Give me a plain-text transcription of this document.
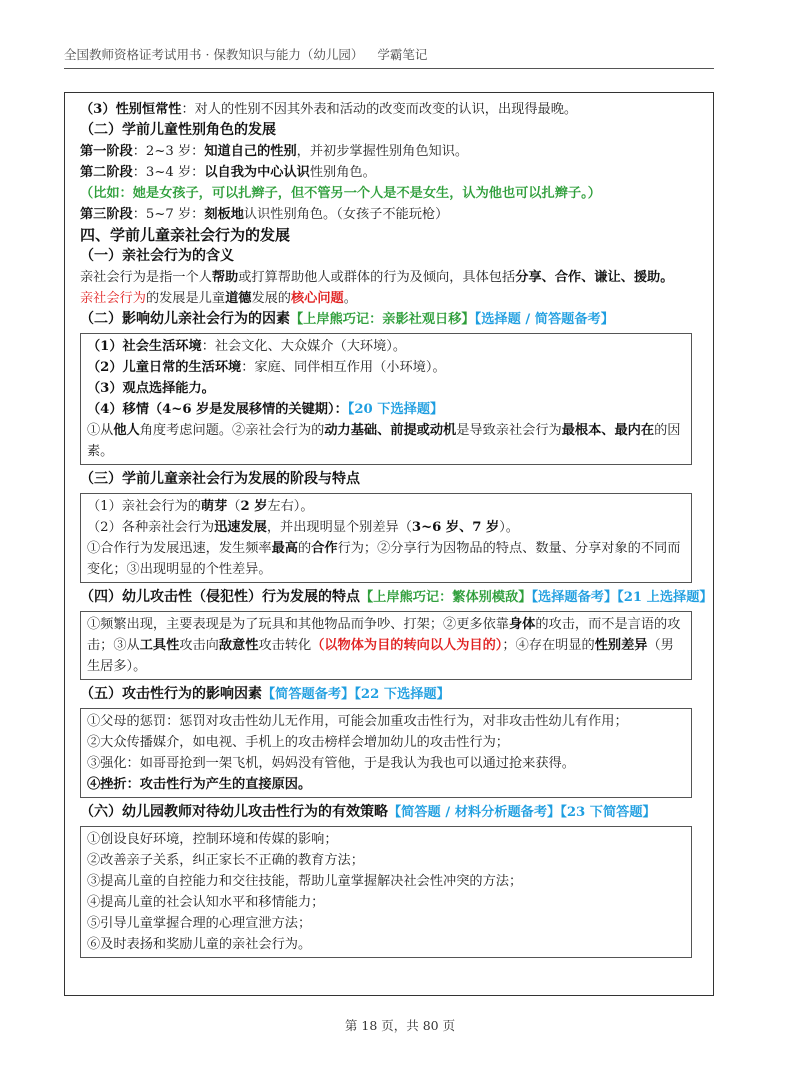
全国教师资格证考试用书 · 保教知识与能力（幼儿园） 学霸笔记

（3）性别恒常性：对人的性别不因其外表和活动的改变而改变的认识，出现得最晚。

（二）学前儿童性别角色的发展

第一阶段：2~3 岁：知道自己的性别，并初步掌握性别角色知识。

第二阶段：3~4 岁：以自我为中心认识性别角色。

（比如：她是女孩子，可以扎辫子，但不管另一个人是不是女生，认为他也可以扎辫子。）

第三阶段：5~7 岁：刻板地认识性别角色。（女孩子不能玩枪）

四、学前儿童亲社会行为的发展

（一）亲社会行为的含义

亲社会行为是指一个人帮助或打算帮助他人或群体的行为及倾向，具体包括分享、合作、谦让、援助。

亲社会行为的发展是儿童道德发展的核心问题。

（二）影响幼儿亲社会行为的因素【上岸熊巧记：亲影社观日移】【选择题 / 简答题备考】

（1）社会生活环境：社会文化、大众媒介（大环境）。

（2）儿童日常的生活环境：家庭、同伴相互作用（小环境）。

（3）观点选择能力。

（4）移情（4~6 岁是发展移情的关键期）：【20 下选择题】

①从他人角度考虑问题。②亲社会行为的动力基础、前提或动机是导致亲社会行为最根本、最内在的因素。

（三）学前儿童亲社会行为发展的阶段与特点

（1）亲社会行为的萌芽（2 岁左右）。

（2）各种亲社会行为迅速发展，并出现明显个别差异（3~6 岁、7 岁）。

①合作行为发展迅速，发生频率最高的合作行为；②分享行为因物品的特点、数量、分享对象的不同而变化；③出现明显的个性差异。

（四）幼儿攻击性（侵犯性）行为发展的特点【上岸熊巧记：繁体别模敌】【选择题备考】【21 上选择题】

①频繁出现，主要表现是为了玩具和其他物品而争吵、打架；②更多依靠身体的攻击，而不是言语的攻击；③从工具性攻击向敌意性攻击转化（以物体为目的转向以人为目的）；④存在明显的性别差异（男生居多）。

（五）攻击性行为的影响因素【简答题备考】【22 下选择题】

①父母的惩罚：惩罚对攻击性幼儿无作用，可能会加重攻击性行为，对非攻击性幼儿有作用；

②大众传播媒介，如电视、手机上的攻击榜样会增加幼儿的攻击性行为；

③强化：如哥哥抢到一架飞机，妈妈没有管他，于是我认为我也可以通过抢来获得。

④挫折：攻击性行为产生的直接原因。

（六）幼儿园教师对待幼儿攻击性行为的有效策略【简答题 / 材料分析题备考】【23 下简答题】

①创设良好环境，控制环境和传媒的影响；

②改善亲子关系，纠正家长不正确的教育方法；

③提高儿童的自控能力和交往技能，帮助儿童掌握解决社会性冲突的方法；

④提高儿童的社会认知水平和移情能力；

⑤引导儿童掌握合理的心理宣泄方法；

⑥及时表扬和奖励儿童的亲社会行为。

第 18 页，共 80 页
